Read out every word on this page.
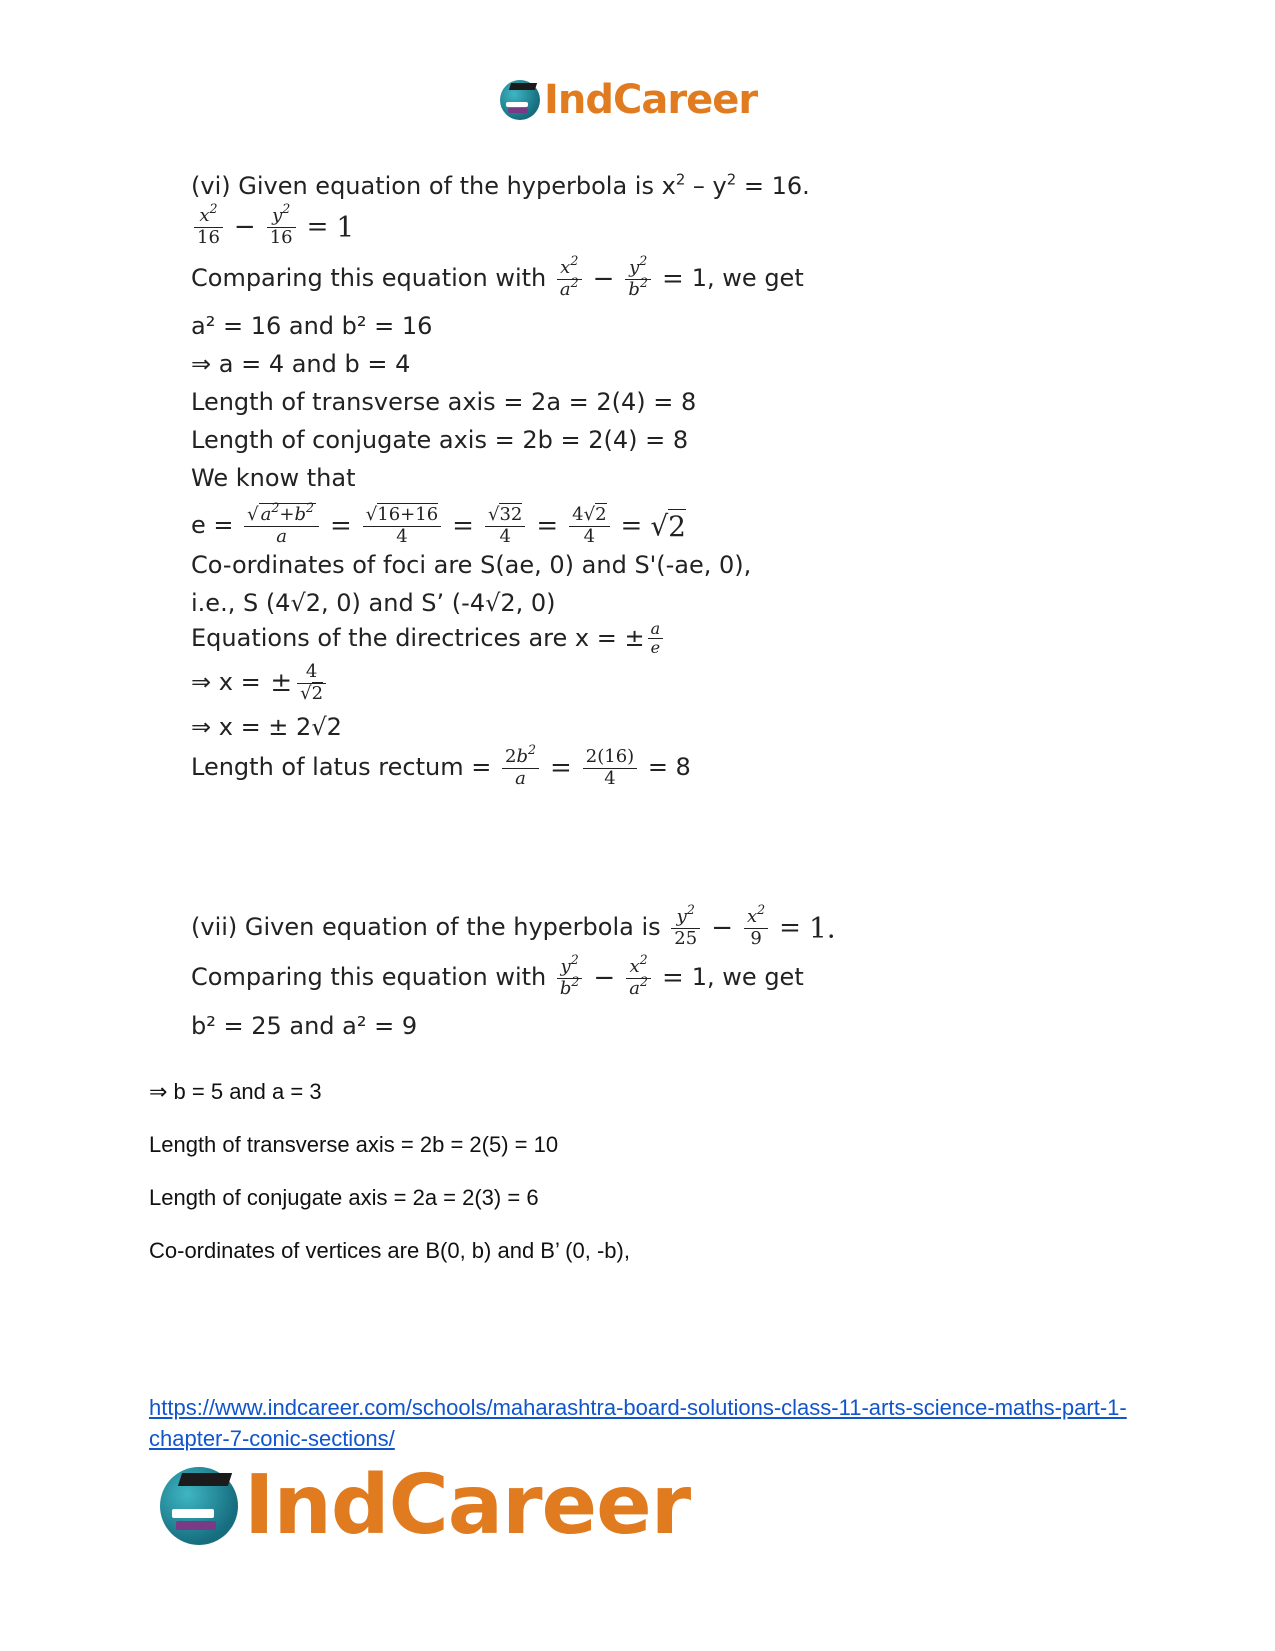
IndCareer
(vi) Given equation of the hyperbola is $x^2 - y^2 = 16$.
$\frac{x^2}{16} - \frac{y^2}{16} = 1$
Comparing this equation with $\frac{x^2}{a^2} - \frac{y^2}{b^2} = 1$, we get
a² = 16 and b² = 16
⇒ a = 4 and b = 4
Length of transverse axis = 2a = 2(4) = 8
Length of conjugate axis = 2b = 2(4) = 8
We know that
$e = \frac{√ a^2+b^2}{a} = \frac{√16+16}{4} = \frac{√32}{4} = \frac{4√2}{4} = √2$
Co-ordinates of foci are S(ae, 0) and S'(-ae, 0),
i.e., S (4√2, 0) and S’ (-4√2, 0)
Equations of the directrices are x = ± $\frac{a}{e}$
⇒ x = ± $\frac{4}{√2}$
⇒ x = ± 2√2
Length of latus rectum = $\frac{2b^2}{a} = \frac{2(16)}{4} = 8$
(vii) Given equation of the hyperbola is $\frac{y^2}{25} - \frac{x^2}{9} = 1$.
Comparing this equation with $\frac{y^2}{b^2} - \frac{x^2}{a^2} = 1$, we get
b² = 25 and a² = 9
⇒ b = 5 and a = 3
Length of transverse axis = 2b = 2(5) = 10
Length of conjugate axis = 2a = 2(3) = 6
Co-ordinates of vertices are B(0, b) and B’ (0, -b),
https://www.indcareer.com/schools/maharashtra-board-solutions-class-11-arts-science-maths-part-1-chapter-7-conic-sections/
IndCareer
